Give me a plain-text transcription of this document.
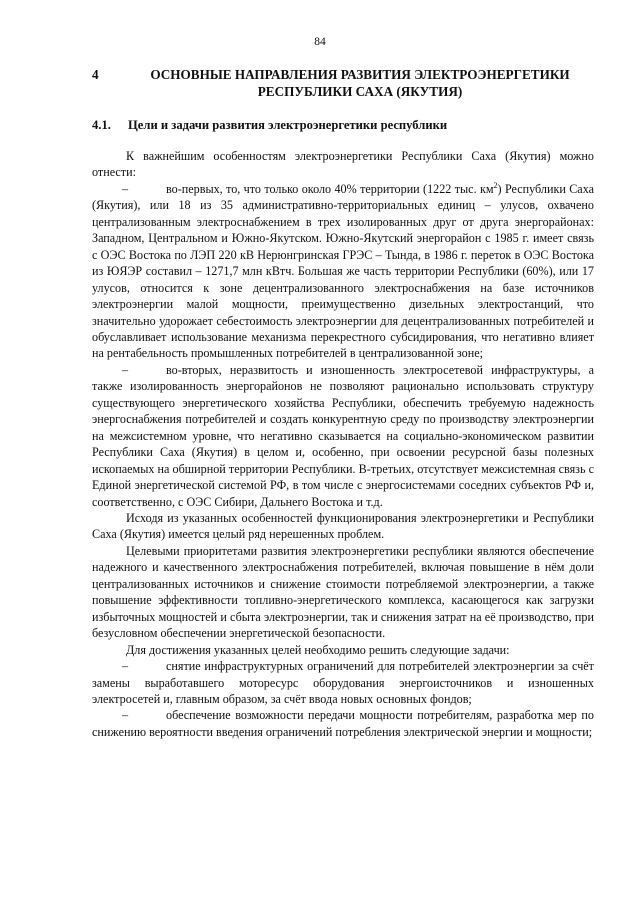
84
4	ОСНОВНЫЕ НАПРАВЛЕНИЯ РАЗВИТИЯ ЭЛЕКТРОЭНЕРГЕТИКИ РЕСПУБЛИКИ САХА (ЯКУТИЯ)
4.1. Цели и задачи развития электроэнергетики республики

К важнейшим особенностям электроэнергетики Республики Саха (Якутия) можно отнести:

–	во-первых, то, что только около 40% территории (1222 тыс. $км^2$) Республики Саха (Якутия), или 18 из 35 административно-территориальных единиц – улусов, охвачено централизованным электроснабжением в трех изолированных друг от друга энергорайонах: Западном, Центральном и Южно-Якутском. Южно-Якутский энергорайон с 1985 г. имеет связь с ОЭС Востока по ЛЭП 220 кВ Нерюнгринская ГРЭС – Тында, в 1986 г. переток в ОЭС Востока из ЮЯЭР составил – 1271,7 млн кВтч. Большая же часть территории Республики (60%), или 17 улусов, относится к зоне децентрализованного электроснабжения на базе источников электроэнергии малой мощности, преимущественно дизельных электростанций, что значительно удорожает себестоимость электроэнергии для децентрализованных потребителей и обуславливает использование механизма перекрестного субсидирования, что негативно влияет на рентабельность промышленных потребителей в централизованной зоне;

–	во-вторых, неразвитость и изношенность электросетевой инфраструктуры, а также изолированность энергорайонов не позволяют рационально использовать структуру существующего энергетического хозяйства Республики, обеспечить требуемую надежность энергоснабжения потребителей и создать конкурентную среду по производству электроэнергии на межсистемном уровне, что негативно сказывается на социально-экономическом развитии Республики Саха (Якутия) в целом и, особенно, при освоении ресурсной базы полезных ископаемых на обширной территории Республики. В-третьих, отсутствует межсистемная связь с Единой энергетической системой РФ, в том числе с энергосистемами соседних субъектов РФ и, соответственно, с ОЭС Сибири, Дальнего Востока и т.д.

Исходя из указанных особенностей функционирования электроэнергетики и Республики Саха (Якутия) имеется целый ряд нерешенных проблем.

Целевыми приоритетами развития электроэнергетики республики являются обеспечение надежного и качественного электроснабжения потребителей, включая повышение в нём доли централизованных источников и снижение стоимости потребляемой электроэнергии, а также повышение эффективности топливно-энергетического комплекса, касающегося как загрузки избыточных мощностей и сбыта электроэнергии, так и снижения затрат на её производство, при безусловном обеспечении энергетической безопасности.

Для достижения указанных целей необходимо решить следующие задачи:

–	снятие инфраструктурных ограничений для потребителей электроэнергии за счёт замены выработавшего моторесурс оборудования энергоисточников и изношенных электросетей и, главным образом, за счёт ввода новых основных фондов;

–	обеспечение возможности передачи мощности потребителям, разработка мер по снижению вероятности введения ограничений потребления электрической энергии и мощности;
